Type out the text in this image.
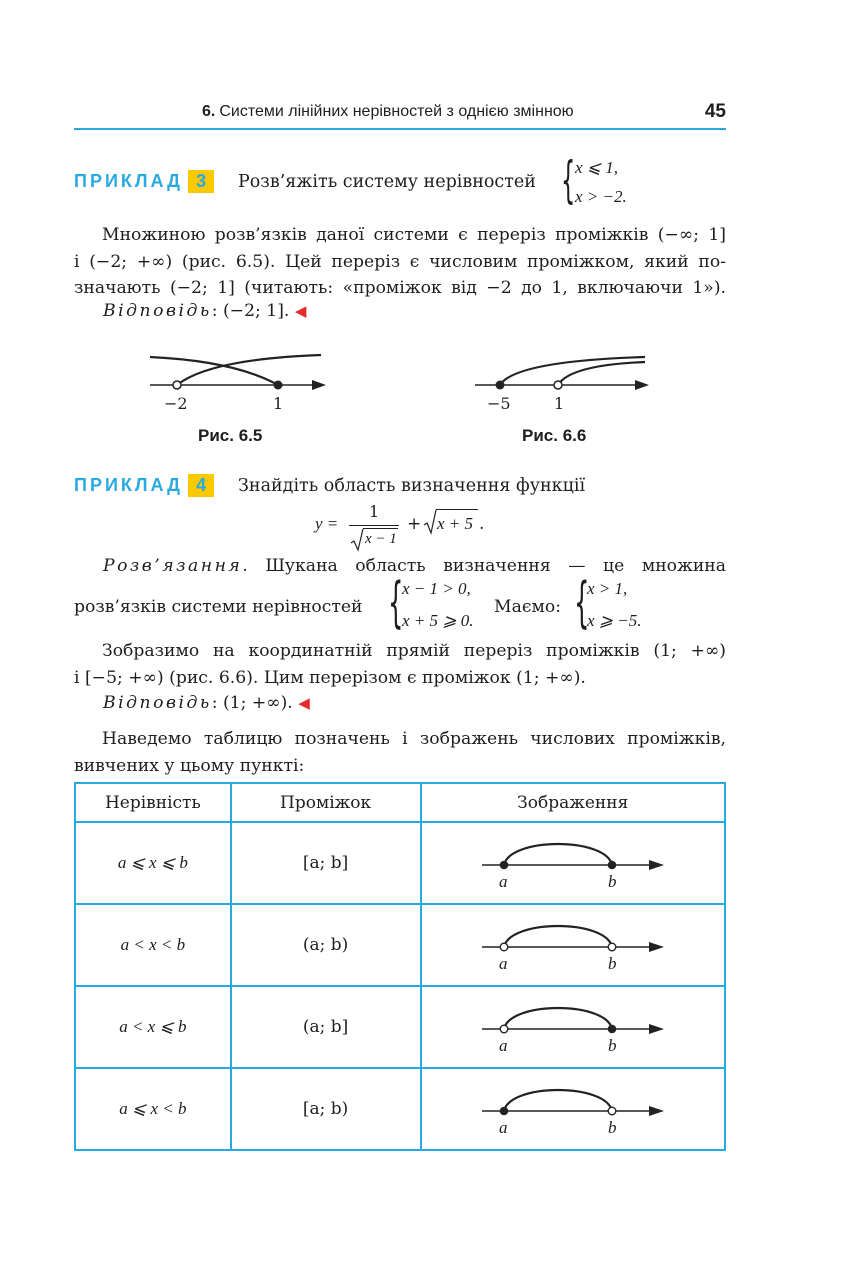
6. Системи лінійних нерівностей з однією змінною	45
ПРИКЛАД 3	Розв’яжіть систему нерівностей { x ⩽ 1,
x > −2.
Множиною розв’язків даної системи є переріз проміжків (−∞; 1]
і (−2; +∞) (рис. 6.5). Цей переріз є числовим проміжком, який по-
значають (−2; 1] (читають: «проміжок від −2 до 1, включаючи 1»).
Відповідь: (−2; 1]. ◀
−2	1
Рис. 6.5
−5	1
Рис. 6.6
ПРИКЛАД 4	Знайдіть область визначення функції
y =
1
x − 1
+ x + 5 .
Розв’язання. Шукана область визначення — це множина
розв’язків системи нерівностей {
x − 1 > 0,
x + 5 ⩾ 0.
Маємо: {
x > 1,
x ⩾ −5.
Зобразимо на координатній прямій переріз проміжків (1; +∞)
і [−5; +∞) (рис. 6.6). Цим перерізом є проміжок (1; +∞).
Відповідь: (1; +∞). ◀
Наведемо таблицю позначень і зображень числових проміжків,
вивчених у цьому пункті:
Нерівність	Проміжок	Зображення
a ⩽ x ⩽ b	[a; b]	a b

a < x < b	(a; b)	a b

a < x ⩽ b	(a; b]	a b

a ⩽ x < b	[a; b)	a b
